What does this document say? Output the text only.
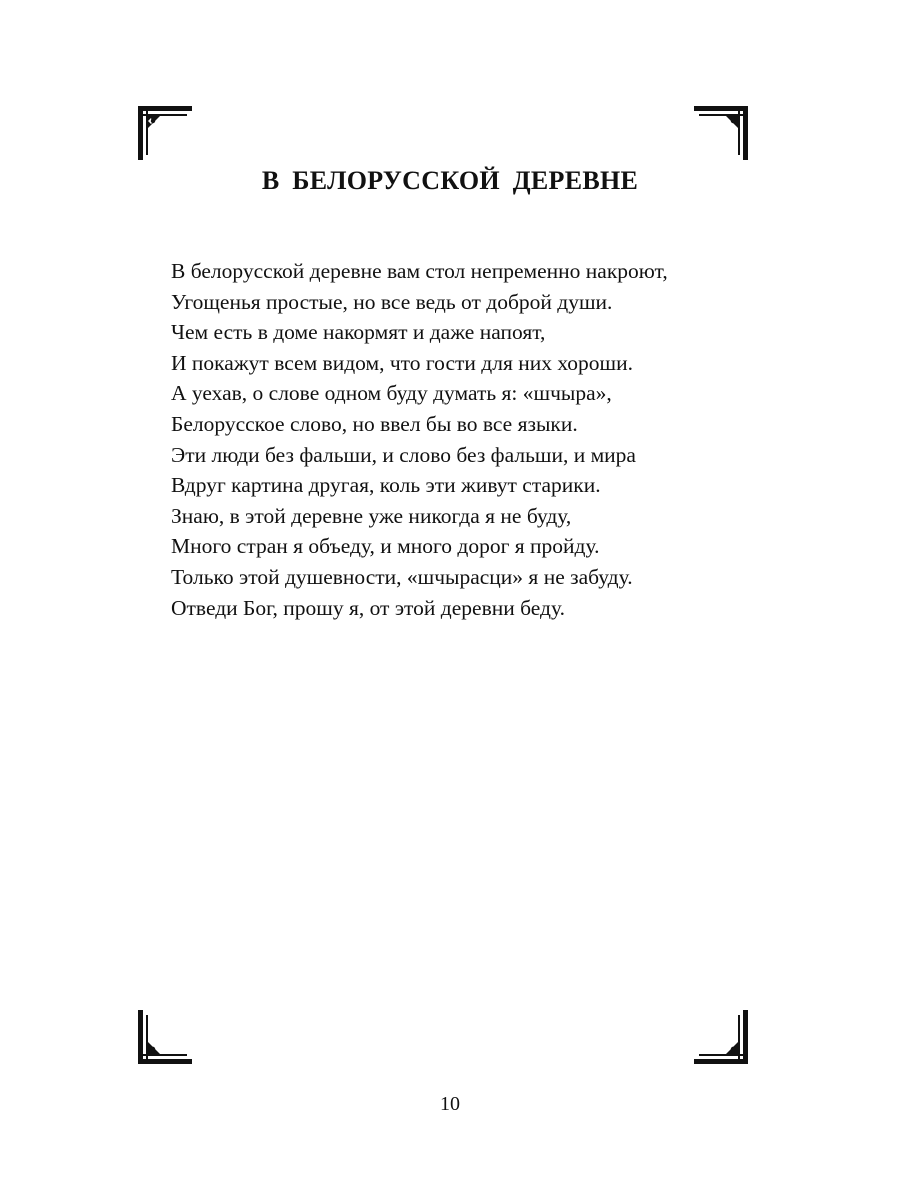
В БЕЛОРУССКОЙ ДЕРЕВНЕ
В белорусской деревне вам стол непременно накроют,
Угощенья простые, но все ведь от доброй души.
Чем есть в доме накормят и даже напоят,
И покажут всем видом, что гости для них хороши.
А уехав, о слове одном буду думать я: «шчыра»,
Белорусское слово, но ввел бы во все языки.
Эти люди без фальши, и слово без фальши, и мира
Вдруг картина другая, коль эти живут старики.
Знаю, в этой деревне уже никогда я не буду,
Много стран я объеду, и много дорог я пройду.
Только этой душевности, «шчырасци» я не забуду.
Отведи Бог, прошу я, от этой деревни беду.
10
